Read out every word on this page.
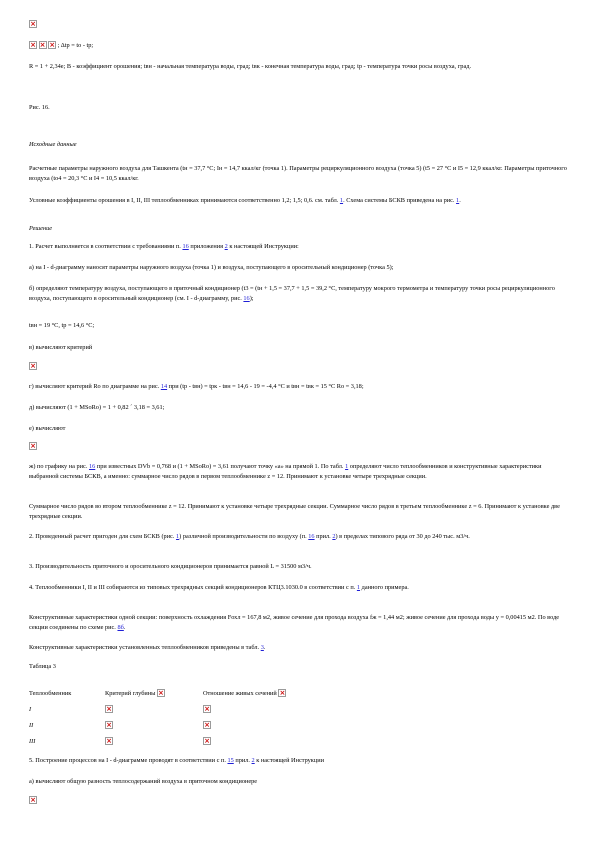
×
× × × ; Δtр = tо - tр;

R = 1 + 2,34е; В - коэффициент орошения; tвн - начальная температура воды, град; tвк - конечная температура воды, град; tр - температура точки росы воздуха, град.

Рис. 16.

Исходные данные

Расчетные параметры наружного воздуха для Ташкента (tн = 37,7 °С; Iн = 14,7 ккал/кг (точка 1). Параметры рециркуляционного воздуха (точка 5) (t5 = 27 °С и I5 = 12,9 ккал/кг. Параметры приточного воздуха (tо4 = 20,3 °С и I4 = 10,5 ккал/кг.

Условные коэффициенты орошения в I, II, III теплообменниках принимаются соответственно 1,2; 1,5; 0,6. см. табл. 1. Схема системы БСКВ приведена на рис. 1.

Решение

1. Расчет выполняется в соответствии с требованиями п. 16 приложения 2 к настоящей Инструкции:

а) на I - d-диаграмму наносят параметры наружного воздуха (точка 1) и воздуха, поступающего в оросительный кондиционер (точка 5);

б) определяют температуру воздуха, поступающего в приточный кондиционер (t3 = (tн + 1,5 = 37,7 + 1,5 = 39,2 °С, температуру мокрого термометра и температуру точки росы рециркуляционного воздуха, поступающего в оросительный кондиционер (см. I - d-диаграмму, рис. 16);

tвн = 19 °С, tр = 14,6 °С;

в) вычисляют критерий

×

г) вычисляют критерий Ro по диаграмме на рис. 14 при (tр - tвн) = tрк - tвн = 14,6 - 19 = -4,4 °С и tвн = tвк = 15 °С Ro = 3,18;

д) вычисляют (1 + MSoRo) = 1 + 0,82 ´ 3,18 = 3,61;

е) вычисляют

×

ж) по графику на рис. 16 при известных DVb = 0,768 и (1 + MSoRo) = 3,61 получают точку «a» на прямой 1. По табл. 1 определяют число теплообменников и конструктивные характеристики выбранной системы БСКВ, а именно: суммарное число рядов в первом теплообменнике z = 12. Принимают к установке четыре трехрядные секции.

Суммарное число рядов во втором теплообменнике z = 12. Принимают к установке четыре трехрядные секции. Суммарное число рядов в третьем теплообменнике z = 6. Принимают к установке две трехрядные секции.

2. Проведенный расчет пригоден для схем БСКВ (рис. 1) различной производительности по воздуху (п. 16 прил. 2) в пределах типового ряда от 30 до 240 тыс. м3/ч.

3. Производительность приточного и оросительного кондиционеров принимается равной L = 31500 м3/ч.

4. Теплообменники I, II и III собираются из типовых трехрядных секций кондиционеров КТЦ3.1030.0 в соответствии с п. 1 данного примера.

Конструктивные характеристики одной секции: поверхность охлаждения Fохл = 167,8 м2, живое сечение для прохода воздуха fж = 1,44 м2; живое сечение для прохода воды у = 0,00415 м2. По воде секции соединены по схеме рис. 8б.

Конструктивные характеристики установленных теплообменников приведены в табл. 3.

Таблица 3

Теплообменник	Критерий глубины ×	Отношение живых сечений ×
I	×	×
II	×	×
III	×	×

5. Построение процессов на I - d-диаграмме проводят в соответствии с п. 15 прил. 2 к настоящей Инструкции

а) вычисляют общую разность теплосодержаний воздуха в приточном кондиционере

×
